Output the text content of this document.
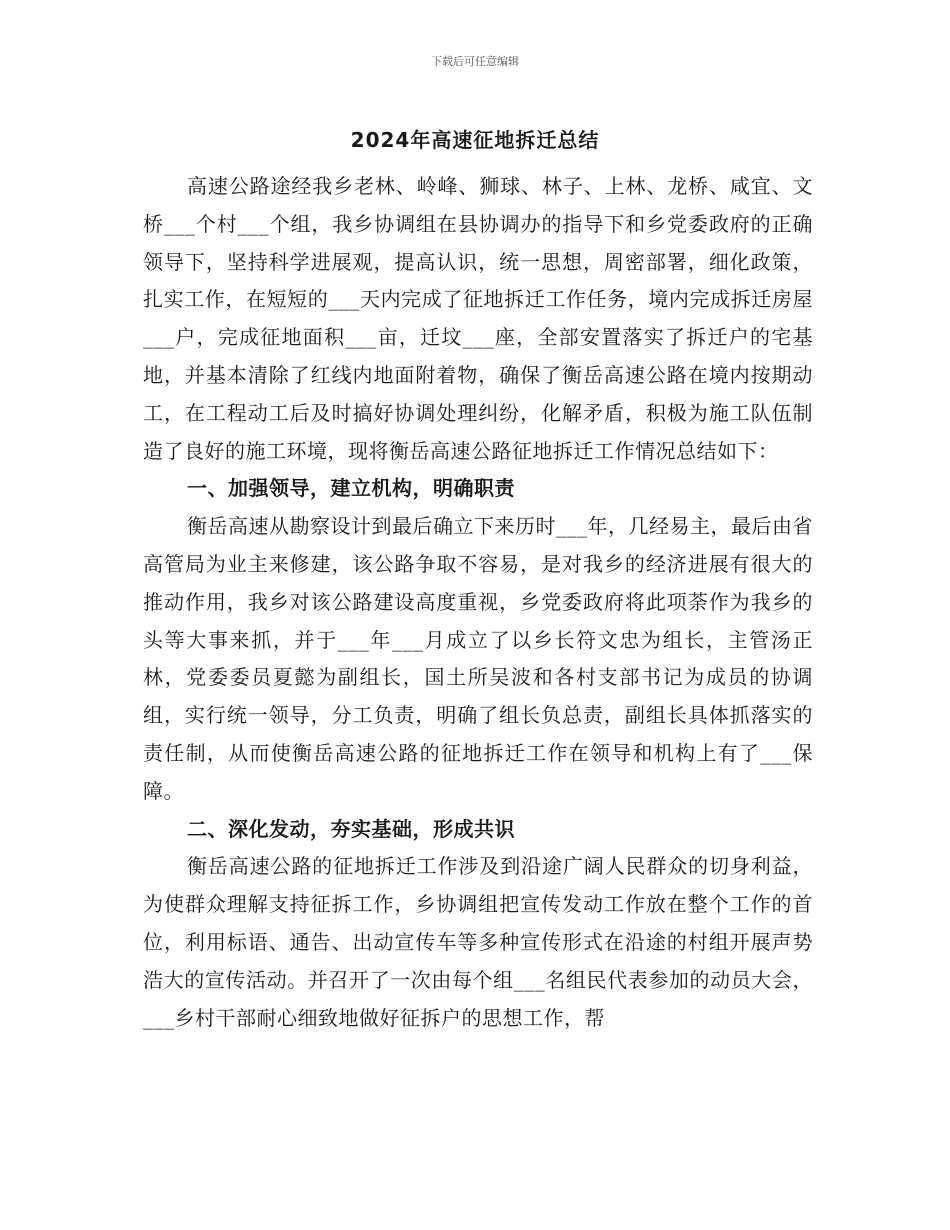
下载后可任意编辑
2024年高速征地拆迁总结

高速公路途经我乡老林、岭峰、狮球、林子、上林、龙桥、咸宜、文桥___个村___个组，我乡协调组在县协调办的指导下和乡党委政府的正确领导下，坚持科学进展观，提高认识，统一思想，周密部署，细化政策，扎实工作，在短短的___天内完成了征地拆迁工作任务，境内完成拆迁房屋___户，完成征地面积___亩，迁坟___座，全部安置落实了拆迁户的宅基地，并基本清除了红线内地面附着物，确保了衡岳高速公路在境内按期动工，在工程动工后及时搞好协调处理纠纷，化解矛盾，积极为施工队伍制造了良好的施工环境，现将衡岳高速公路征地拆迁工作情况总结如下：

一、加强领导，建立机构，明确职责

衡岳高速从勘察设计到最后确立下来历时___年，几经易主，最后由省高管局为业主来修建，该公路争取不容易，是对我乡的经济进展有很大的推动作用，我乡对该公路建设高度重视，乡党委政府将此项荼作为我乡的头等大事来抓，并于___年___月成立了以乡长符文忠为组长，主管汤正林，党委委员夏懿为副组长，国土所吴波和各村支部书记为成员的协调组，实行统一领导，分工负责，明确了组长负总责，副组长具体抓落实的责任制，从而使衡岳高速公路的征地拆迁工作在领导和机构上有了___保障。

二、深化发动，夯实基础，形成共识

衡岳高速公路的征地拆迁工作涉及到沿途广阔人民群众的切身利益，为使群众理解支持征拆工作，乡协调组把宣传发动工作放在整个工作的首位，利用标语、通告、出动宣传车等多种宣传形式在沿途的村组开展声势浩大的宣传活动。并召开了一次由每个组___名组民代表参加的动员大会，___乡村干部耐心细致地做好征拆户的思想工作，帮
